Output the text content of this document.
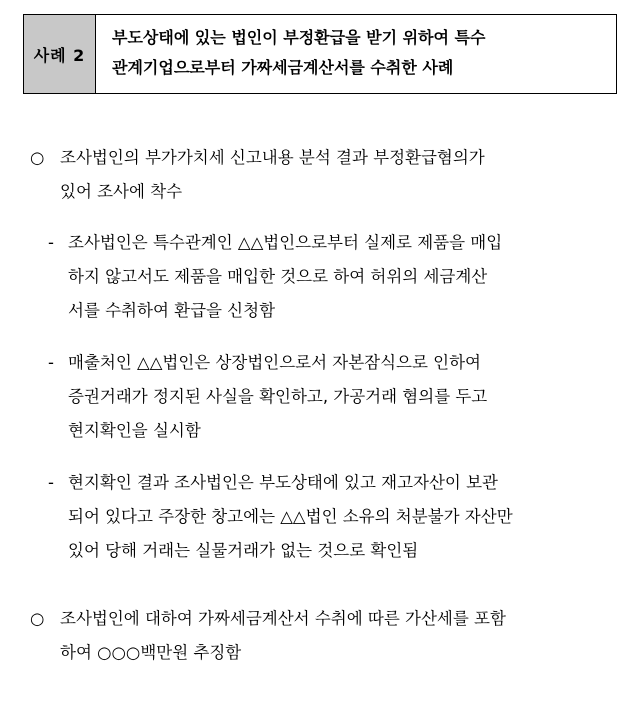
사례 2
부도상태에 있는 법인이 부정환급을 받기 위하여 특수
관계기업으로부터 가짜세금계산서를 수취한 사례
○ 조사법인의 부가가치세 신고내용 분석 결과 부정환급혐의가
있어 조사에 착수
- 조사법인은 특수관계인 △△법인으로부터 실제로 제품을 매입
하지 않고서도 제품을 매입한 것으로 하여 허위의 세금계산
서를 수취하여 환급을 신청함
- 매출처인 △△법인은 상장법인으로서 자본잠식으로 인하여
증권거래가 정지된 사실을 확인하고, 가공거래 혐의를 두고
현지확인을 실시함
- 현지확인 결과 조사법인은 부도상태에 있고 재고자산이 보관
되어 있다고 주장한 창고에는 △△법인 소유의 처분불가 자산만
있어 당해 거래는 실물거래가 없는 것으로 확인됨
○ 조사법인에 대하여 가짜세금계산서 수취에 따른 가산세를 포함
하여 ○○○백만원 추징함
